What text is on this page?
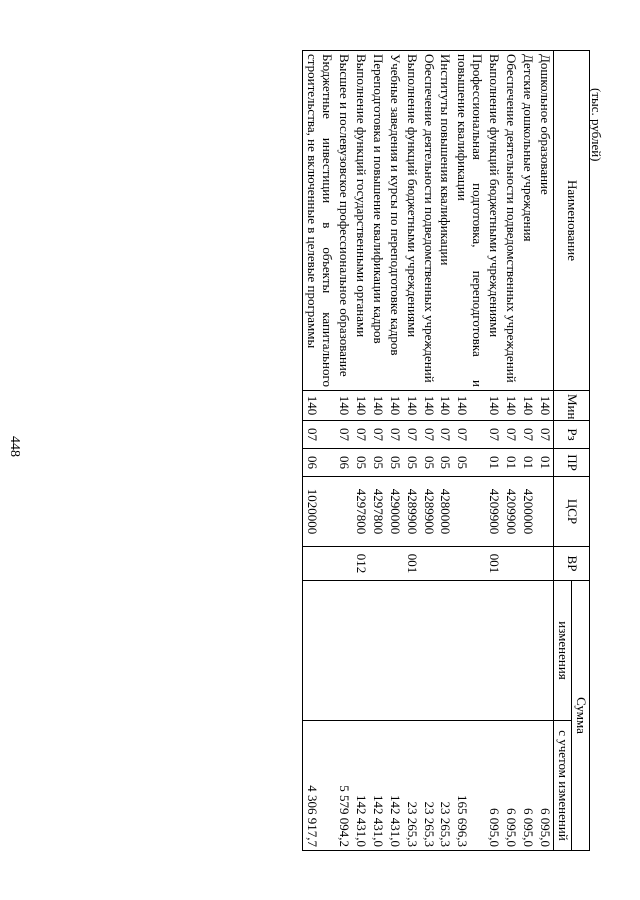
448
(тыс. рублей)
Наименование	Мин	Рз	ПР	ЦСР	ВР	Сумма	
						изменения	с учетом изменений
Дошкольное образование	140	07	01				6 095,0
Детские дошкольные учреждения	140	07	01	4200000			6 095,0
Обеспечение деятельности подведомственных учреждений	140	07	01	4209900			6 095,0
Выполнение функций бюджетными учреждениями	140	07	01	4209900	001		6 095,0
Профессиональная подготовка, переподготовка и повышение квалификации	140	07	05				165 696,3
Институты повышения квалификации	140	07	05	4280000			23 265,3
Обеспечение деятельности подведомственных учреждений	140	07	05	4289900			23 265,3
Выполнение функций бюджетными учреждениями	140	07	05	4289900	001		23 265,3
Учебные заведения и курсы по переподготовке кадров	140	07	05	4290000			142 431,0
Переподготовка и повышение квалификации кадров	140	07	05	4297800			142 431,0
Выполнение функций государственными органами	140	07	05	4297800	012		142 431,0
Высшее и послевузовское профессиональное образование	140	07	06				5 579 094,2
Бюджетные инвестиции в объекты капитального строительства, не включенные в целевые программы	140	07	06	1020000			4 306 917,7
